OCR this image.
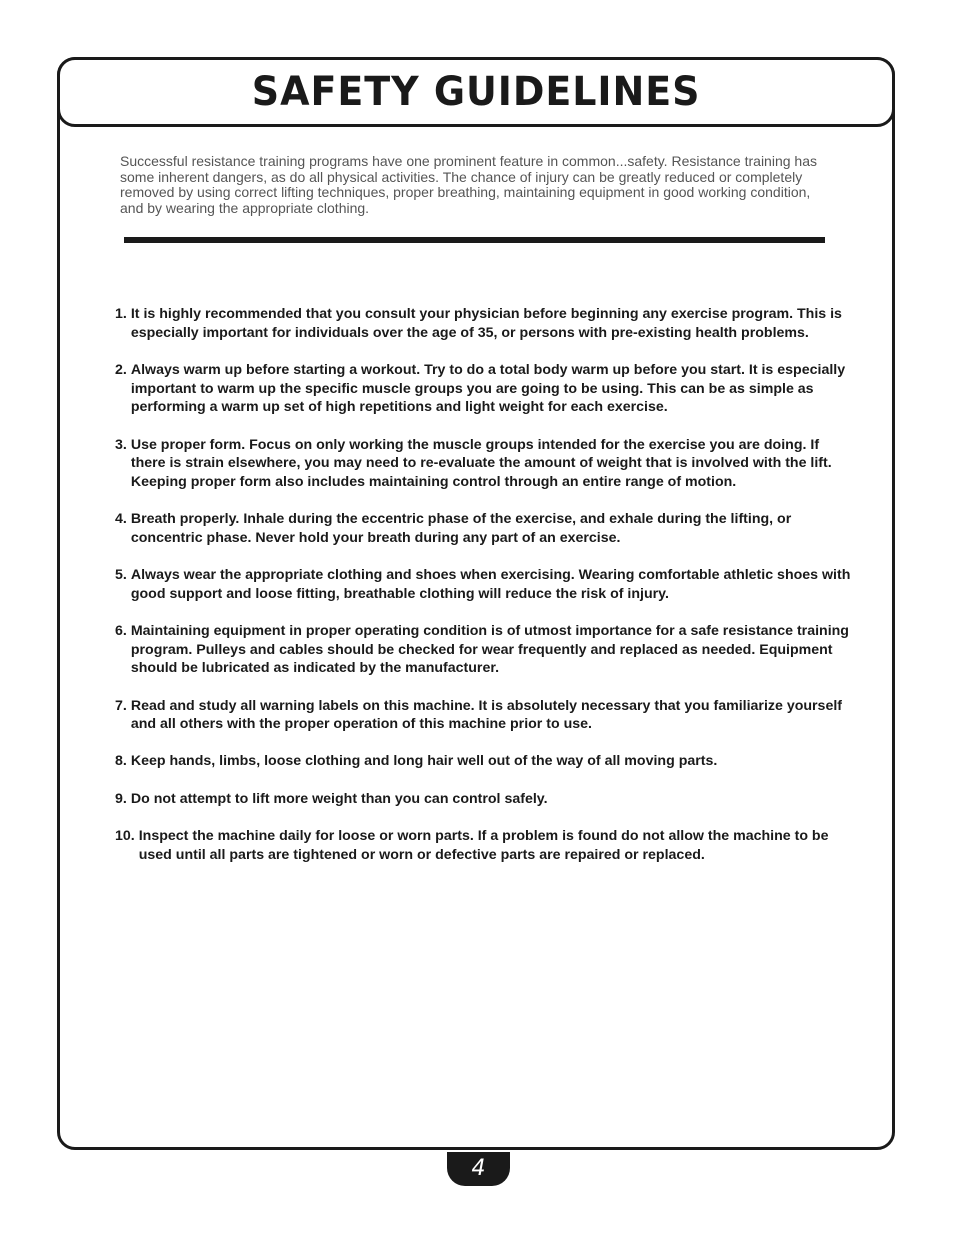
SAFETY GUIDELINES

Successful resistance training programs have one prominent feature in common...safety. Resistance training has some inherent dangers, as do all physical activities. The chance of injury can be greatly reduced or completely removed by using correct lifting techniques, proper breathing, maintaining equipment in good working condition, and by wearing the appropriate clothing.

1. It is highly recommended that you consult your physician before beginning any exercise program. This is especially important for individuals over the age of 35, or persons with pre-existing health problems.
2. Always warm up before starting a workout. Try to do a total body warm up before you start. It is especially important to warm up the specific muscle groups you are going to be using. This can be as simple as performing a warm up set of high repetitions and light weight for each exercise.
3. Use proper form. Focus on only working the muscle groups intended for the exercise you are doing. If there is strain elsewhere, you may need to re-evaluate the amount of weight that is involved with the lift. Keeping proper form also includes maintaining control through an entire range of motion.
4. Breath properly. Inhale during the eccentric phase of the exercise, and exhale during the lifting, or concentric phase. Never hold your breath during any part of an exercise.
5. Always wear the appropriate clothing and shoes when exercising. Wearing comfortable athletic shoes with good support and loose fitting, breathable clothing will reduce the risk of injury.
6. Maintaining equipment in proper operating condition is of utmost importance for a safe resistance training program. Pulleys and cables should be checked for wear frequently and replaced as needed. Equipment should be lubricated as indicated by the manufacturer.
7. Read and study all warning labels on this machine. It is absolutely necessary that you familiarize yourself and all others with the proper operation of this machine prior to use.
8. Keep hands, limbs, loose clothing and long hair well out of the way of all moving parts.
9. Do not attempt to lift more weight than you can control safely.
10. Inspect the machine daily for loose or worn parts. If a problem is found do not allow the machine to be used until all parts are tightened or worn or defective parts are repaired or replaced.
4
